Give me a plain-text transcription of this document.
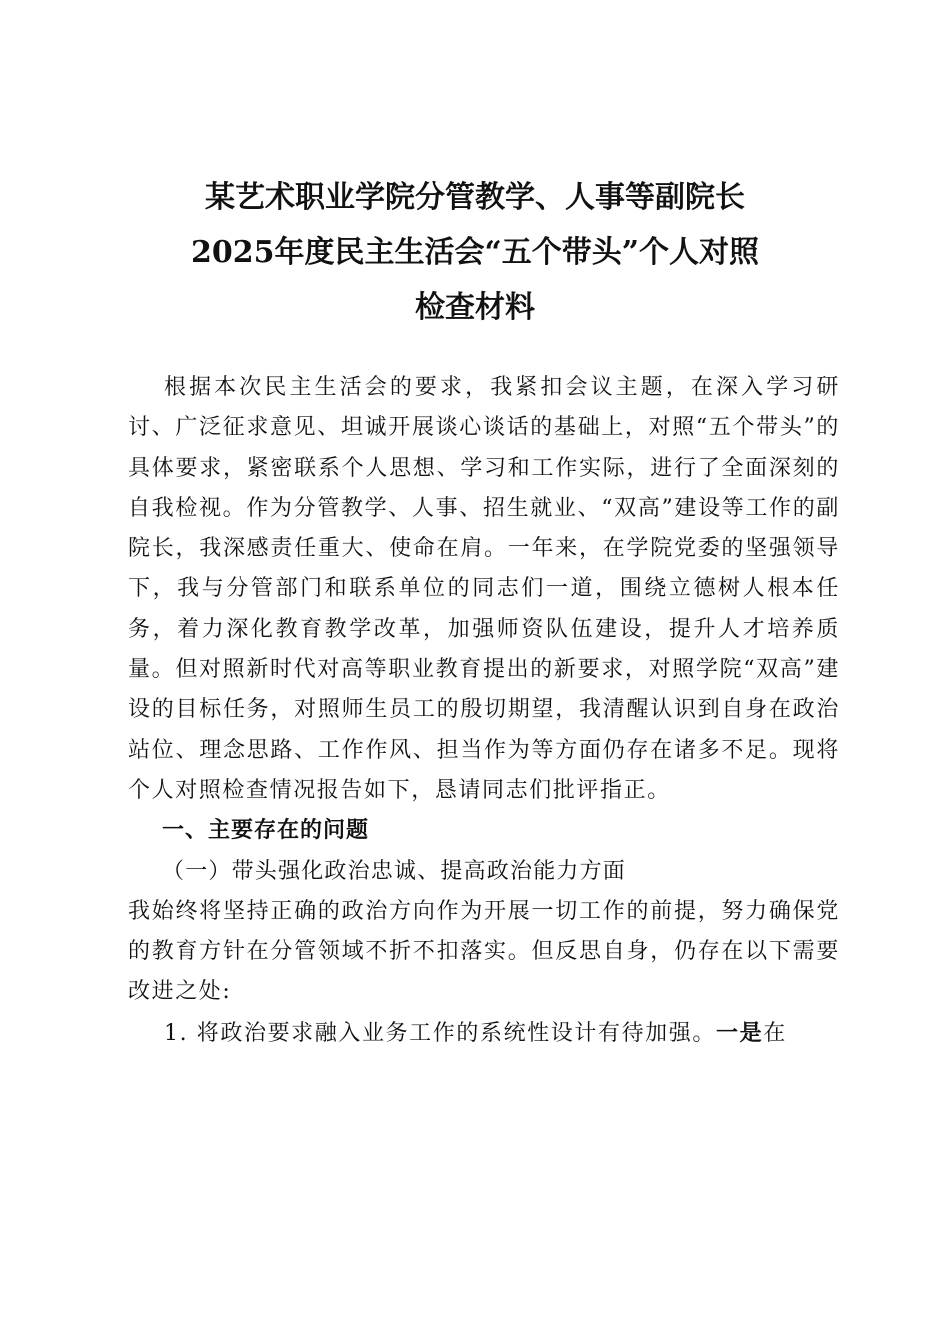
某艺术职业学院分管教学、人事等副院长
2025年度民主生活会“五个带头”个人对照
检查材料

根据本次民主生活会的要求，我紧扣会议主题，在深入学习研讨、广泛征求意见、坦诚开展谈心谈话的基础上，对照“五个带头”的具体要求，紧密联系个人思想、学习和工作实际，进行了全面深刻的自我检视。作为分管教学、人事、招生就业、“双高”建设等工作的副院长，我深感责任重大、使命在肩。一年来，在学院党委的坚强领导下，我与分管部门和联系单位的同志们一道，围绕立德树人根本任务，着力深化教育教学改革，加强师资队伍建设，提升人才培养质量。但对照新时代对高等职业教育提出的新要求，对照学院“双高”建设的目标任务，对照师生员工的殷切期望，我清醒认识到自身在政治站位、理念思路、工作作风、担当作为等方面仍存在诸多不足。现将个人对照检查情况报告如下，恳请同志们批评指正。

一、主要存在的问题

（一）带头强化政治忠诚、提高政治能力方面

我始终将坚持正确的政治方向作为开展一切工作的前提，努力确保党的教育方针在分管领域不折不扣落实。但反思自身，仍存在以下需要改进之处:

1. 将政治要求融入业务工作的系统性设计有待加强。一是在
